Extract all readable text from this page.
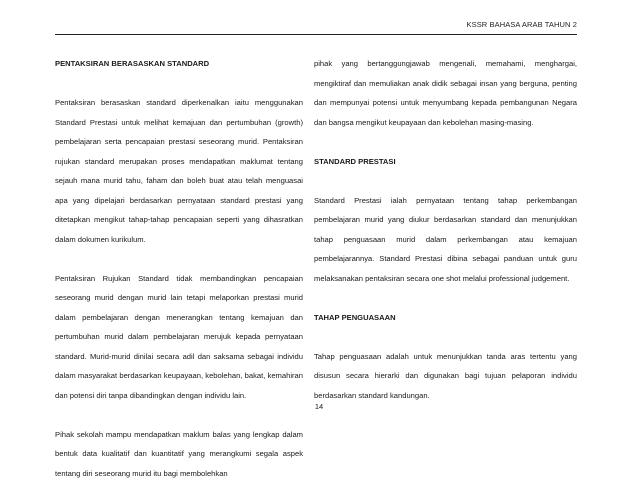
KSSR BAHASA ARAB TAHUN 2
PENTAKSIRAN BERASASKAN STANDARD

Pentaksiran berasaskan standard diperkenalkan iaitu menggunakan Standard Prestasi untuk melihat kemajuan dan pertumbuhan (growth) pembelajaran serta pencapaian prestasi seseorang murid. Pentaksiran rujukan standard merupakan proses mendapatkan maklumat tentang sejauh mana murid tahu, faham dan boleh buat atau telah menguasai apa yang dipelajari berdasarkan pernyataan standard prestasi yang ditetapkan mengikut tahap-tahap pencapaian seperti yang dihasratkan dalam dokumen kurikulum.

Pentaksiran Rujukan Standard tidak membandingkan pencapaian seseorang murid dengan murid lain tetapi melaporkan prestasi murid dalam pembelajaran dengan menerangkan tentang kemajuan dan pertumbuhan murid dalam pembelajaran merujuk kepada pernyataan standard. Murid-murid dinilai secara adil dan saksama sebagai individu dalam masyarakat berdasarkan keupayaan, kebolehan, bakat, kemahiran dan potensi diri tanpa dibandingkan dengan individu lain.

Pihak sekolah mampu mendapatkan maklum balas yang lengkap dalam bentuk data kualitatif dan kuantitatif yang merangkumi segala aspek tentang diri seseorang murid itu bagi membolehkan

pihak yang bertanggungjawab mengenali, memahami, menghargai, mengiktiraf dan memuliakan anak didik sebagai insan yang berguna, penting dan mempunyai potensi untuk menyumbang kepada pembangunan Negara dan bangsa mengikut keupayaan dan kebolehan masing-masing.

STANDARD PRESTASI

Standard Prestasi ialah pernyataan tentang tahap perkembangan pembelajaran murid yang diukur berdasarkan standard dan menunjukkan tahap penguasaan murid dalam perkembangan atau kemajuan pembelajarannya. Standard Prestasi dibina sebagai panduan untuk guru melaksanakan pentaksiran secara one shot melalui professional judgement.

TAHAP PENGUASAAN

Tahap penguasaan adalah untuk menunjukkan tanda aras tertentu yang disusun secara hierarki dan digunakan bagi tujuan pelaporan individu berdasarkan standard kandungan.

14
